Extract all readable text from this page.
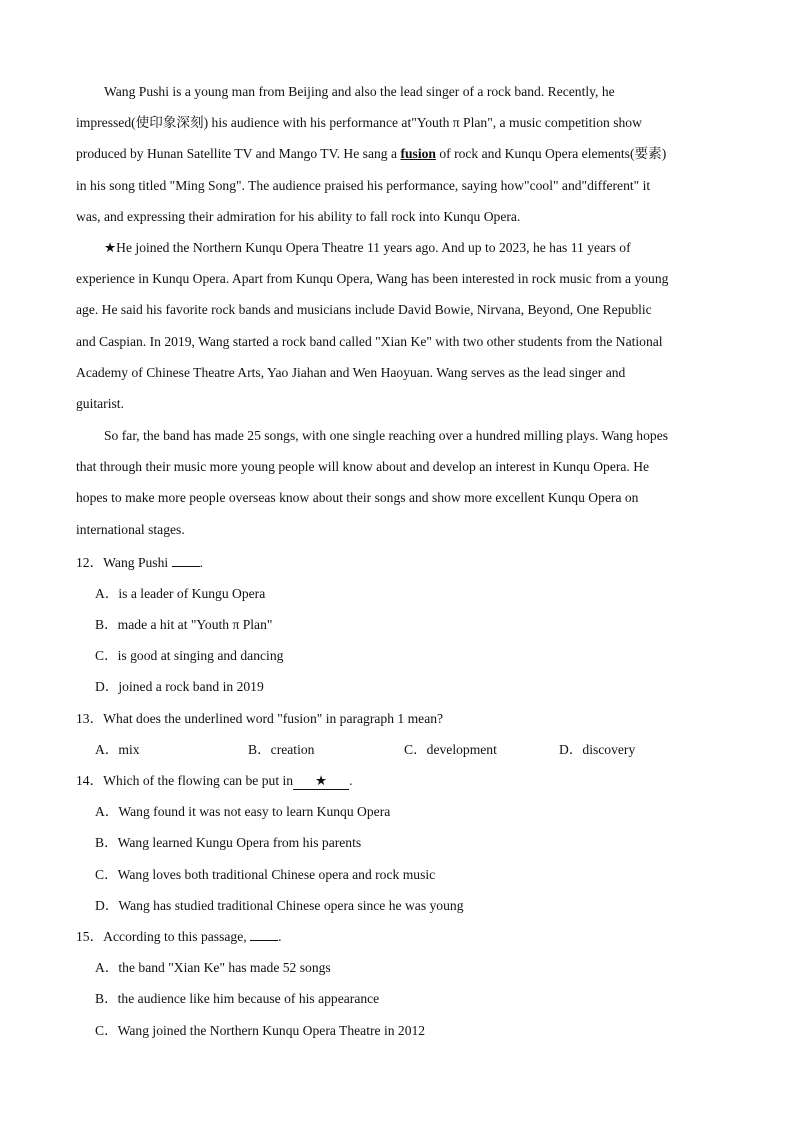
Wang Pushi is a young man from Beijing and also the lead singer of a rock band. Recently, he
impressed(使印象深刻) his audience with his performance at"Youth π Plan", a music competition show
produced by Hunan Satellite TV and Mango TV. He sang a fusion of rock and Kunqu Opera elements(要素)
in his song titled "Ming Song". The audience praised his performance, saying how"cool" and"different" it
was, and expressing their admiration for his ability to fall rock into Kunqu Opera.
★He joined the Northern Kunqu Opera Theatre 11 years ago. And up to 2023, he has 11 years of
experience in Kunqu Opera. Apart from Kunqu Opera, Wang has been interested in rock music from a young
age. He said his favorite rock bands and musicians include David Bowie, Nirvana, Beyond, One Republic
and Caspian. In 2019, Wang started a rock band called "Xian Ke" with two other students from the National
Academy of Chinese Theatre Arts, Yao Jiahan and Wen Haoyuan. Wang serves as the lead singer and
guitarist.
So far, the band has made 25 songs, with one single reaching over a hundred milling plays. Wang hopes
that through their music more young people will know about and develop an interest in Kunqu Opera. He
hopes to make more people overseas know about their songs and show more excellent Kunqu Opera on
international stages.
12．Wang Pushi .
A．is a leader of Kungu Opera
B．made a hit at "Youth π Plan"
C．is good at singing and dancing
D．joined a rock band in 2019
13．What does the underlined word "fusion" in paragraph 1 mean?
A．mix	B．creation	C．development	D．discovery
14．Which of the flowing can be put in ★ .
A．Wang found it was not easy to learn Kunqu Opera
B．Wang learned Kungu Opera from his parents
C．Wang loves both traditional Chinese opera and rock music
D．Wang has studied traditional Chinese opera since he was young
15．According to this passage, .
A．the band "Xian Ke" has made 52 songs
B．the audience like him because of his appearance
C．Wang joined the Northern Kunqu Opera Theatre in 2012
